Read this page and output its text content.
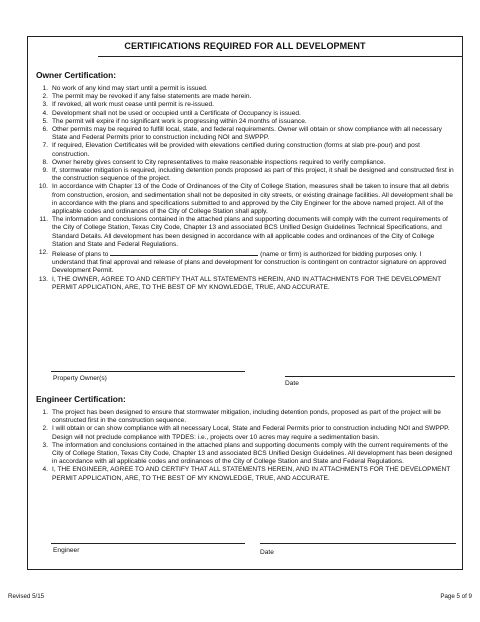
CERTIFICATIONS REQUIRED FOR ALL DEVELOPMENT
Owner Certification:
1. No work of any kind may start until a permit is issued.
2. The permit may be revoked if any false statements are made herein.
3. If revoked, all work must cease until permit is re-issued.
4. Development shall not be used or occupied until a Certificate of Occupancy is issued.
5. The permit will expire if no significant work is progressing within 24 months of issuance.
6. Other permits may be required to fulfill local, state, and federal requirements. Owner will obtain or show compliance with all necessary State and Federal Permits prior to construction including NOI and SWPPP.
7. If required, Elevation Certificates will be provided with elevations certified during construction (forms at slab pre-pour) and post construction.
8. Owner hereby gives consent to City representatives to make reasonable inspections required to verify compliance.
9. If, stormwater mitigation is required, including detention ponds proposed as part of this project, it shall be designed and constructed first in the construction sequence of the project.
10. In accordance with Chapter 13 of the Code of Ordinances of the City of College Station, measures shall be taken to insure that all debris from construction, erosion, and sedimentation shall not be deposited in city streets, or existing drainage facilities. All development shall be in accordance with the plans and specifications submitted to and approved by the City Engineer for the above named project. All of the applicable codes and ordinances of the City of College Station shall apply.
11. The information and conclusions contained in the attached plans and supporting documents will comply with the current requirements of the City of College Station, Texas City Code, Chapter 13 and associated BCS Unified Design Guidelines Technical Specifications, and Standard Details. All development has been designed in accordance with all applicable codes and ordinances of the City of College Station and State and Federal Regulations.
12. Release of plans to	(name or firm) is authorized for bidding purposes only. I understand that final approval and release of plans and development for construction is contingent on contractor signature on approved Development Permit.
13. I, THE OWNER, AGREE TO AND CERTIFY THAT ALL STATEMENTS HEREIN, AND IN ATTACHMENTS FOR THE DEVELOPMENT PERMIT APPLICATION, ARE, TO THE BEST OF MY KNOWLEDGE, TRUE, AND ACCURATE.
Property Owner(s)
Date
Engineer Certification:
1. The project has been designed to ensure that stormwater mitigation, including detention ponds, proposed as part of the project will be constructed first in the construction sequence.
2. I will obtain or can show compliance with all necessary Local, State and Federal Permits prior to construction including NOI and SWPPP. Design will not preclude compliance with TPDES: i.e., projects over 10 acres may require a sedimentation basin.
3. The information and conclusions contained in the attached plans and supporting documents comply with the current requirements of the City of College Station, Texas City Code, Chapter 13 and associated BCS Unified Design Guidelines. All development has been designed in accordance with all applicable codes and ordinances of the City of College Station and State and Federal Regulations.
4. I, THE ENGINEER, AGREE TO AND CERTIFY THAT ALL STATEMENTS HEREIN, AND IN ATTACHMENTS FOR THE DEVELOPMENT PERMIT APPLICATION, ARE, TO THE BEST OF MY KNOWLEDGE, TRUE, AND ACCURATE.
Engineer	Date
Revised 5/15	Page 5 of 9
